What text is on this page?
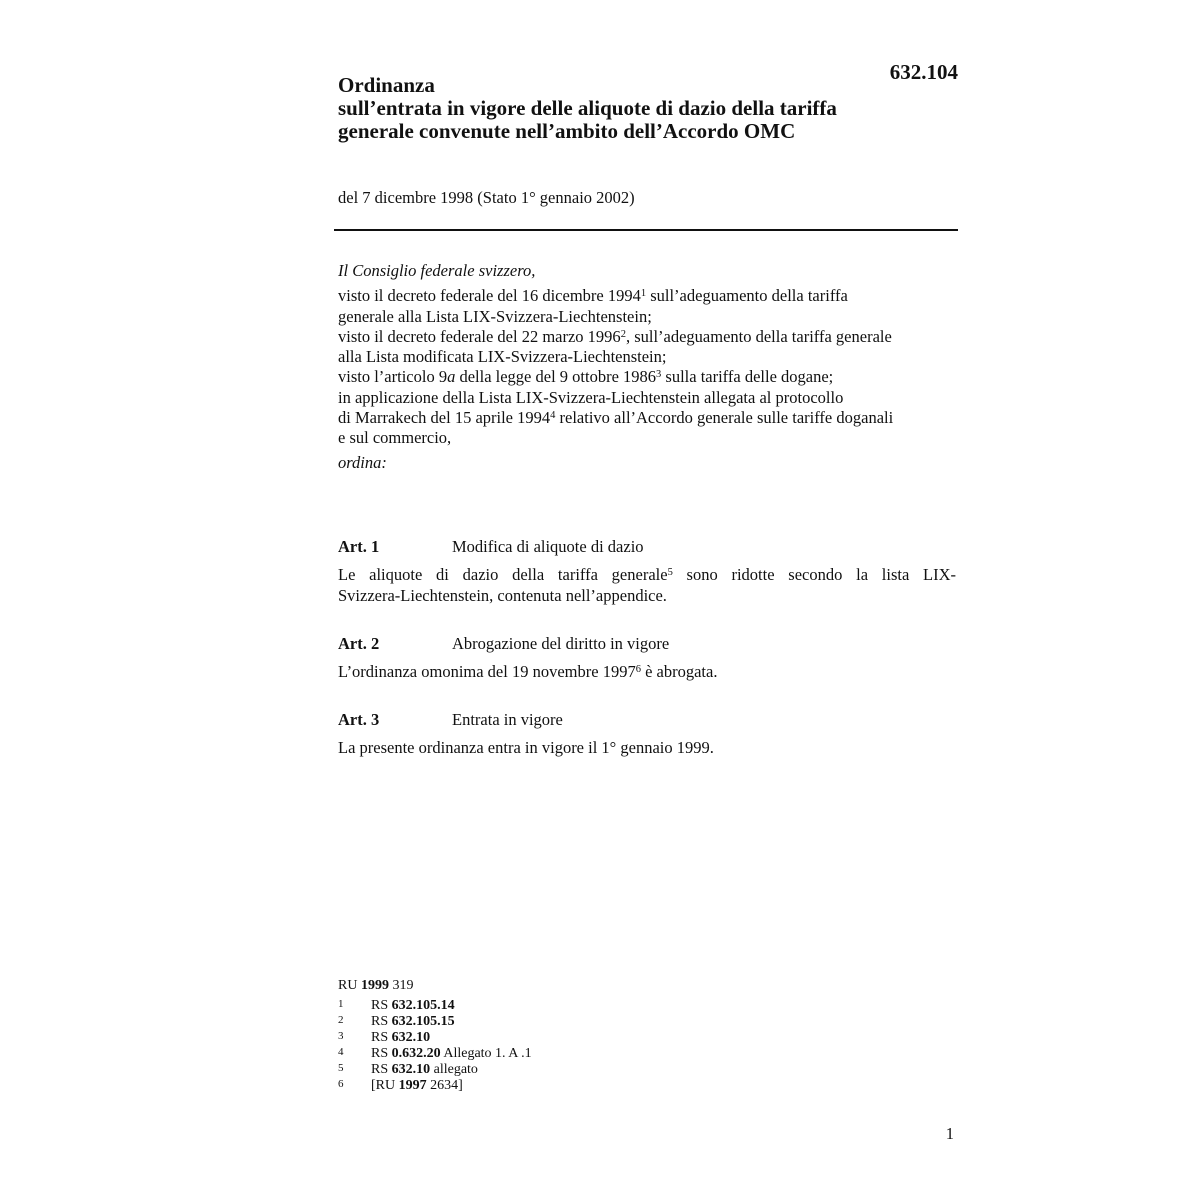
632.104
Ordinanza
sull’entrata in vigore delle aliquote di dazio della tariffa
generale convenute nell’ambito dell’Accordo OMC
del 7 dicembre 1998 (Stato 1° gennaio 2002)
Il Consiglio federale svizzero,
visto il decreto federale del 16 dicembre 1994$^1$ sull’adeguamento della tariffa
generale alla Lista LIX-Svizzera-Liechtenstein;
visto il decreto federale del 22 marzo 1996$^2$, sull’adeguamento della tariffa generale
alla Lista modificata LIX-Svizzera-Liechtenstein;
visto l’articolo 9a della legge del 9 ottobre 1986$^3$ sulla tariffa delle dogane;
in applicazione della Lista LIX-Svizzera-Liechtenstein allegata al protocollo
di Marrakech del 15 aprile 1994$^4$ relativo all’Accordo generale sulle tariffe doganali
e sul commercio,
ordina:
Art. 1	Modifica di aliquote di dazio

Le aliquote di dazio della tariffa generale$^5$ sono ridotte secondo la lista LIX-
Svizzera-Liechtenstein, contenuta nell’appendice.

Art. 2	Abrogazione del diritto in vigore

L’ordinanza omonima del 19 novembre 1997$^6$ è abrogata.

Art. 3	Entrata in vigore

La presente ordinanza entra in vigore il 1° gennaio 1999.

RU 1999 319
1	RS 632.105.14
2	RS 632.105.15
3	RS 632.10
4	RS 0.632.20 Allegato 1. A .1
5	RS 632.10 allegato
6	[RU 1997 2634]
1
